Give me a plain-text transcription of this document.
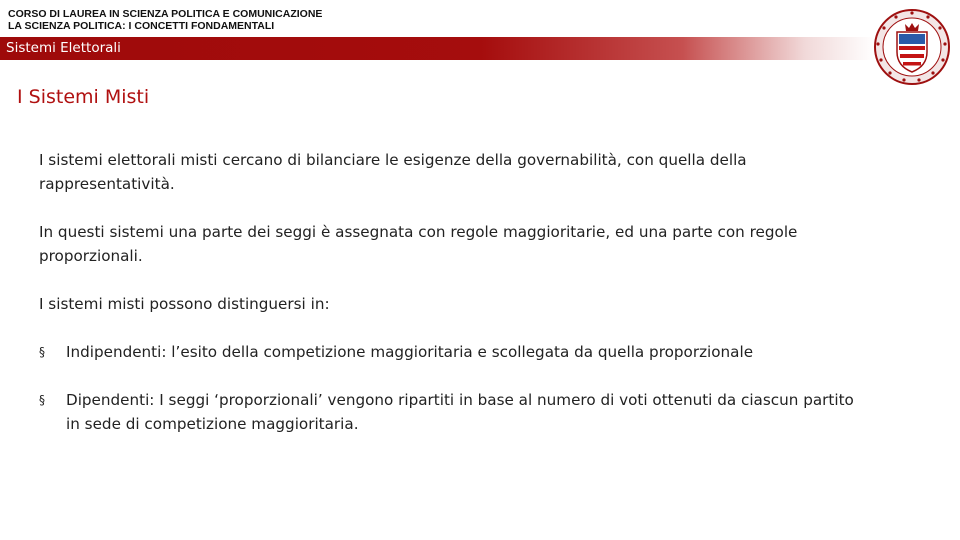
CORSO DI LAUREA IN SCIENZA POLITICA E COMUNICAZIONE
LA SCIENZA POLITICA: I CONCETTI FONDAMENTALI
Sistemi Elettorali
I Sistemi Misti

I sistemi elettorali misti cercano di bilanciare le esigenze della governabilità, con quella della rappresentatività.

In questi sistemi una parte dei seggi è assegnata con regole maggioritarie, ed una parte con regole proporzionali.

I sistemi misti possono distinguersi in:

§ Indipendenti: l’esito della competizione maggioritaria e scollegata da quella proporzionale
§ Dipendenti: I seggi ‘proporzionali’ vengono ripartiti in base al numero di voti ottenuti da ciascun partito in sede di competizione maggioritaria.
